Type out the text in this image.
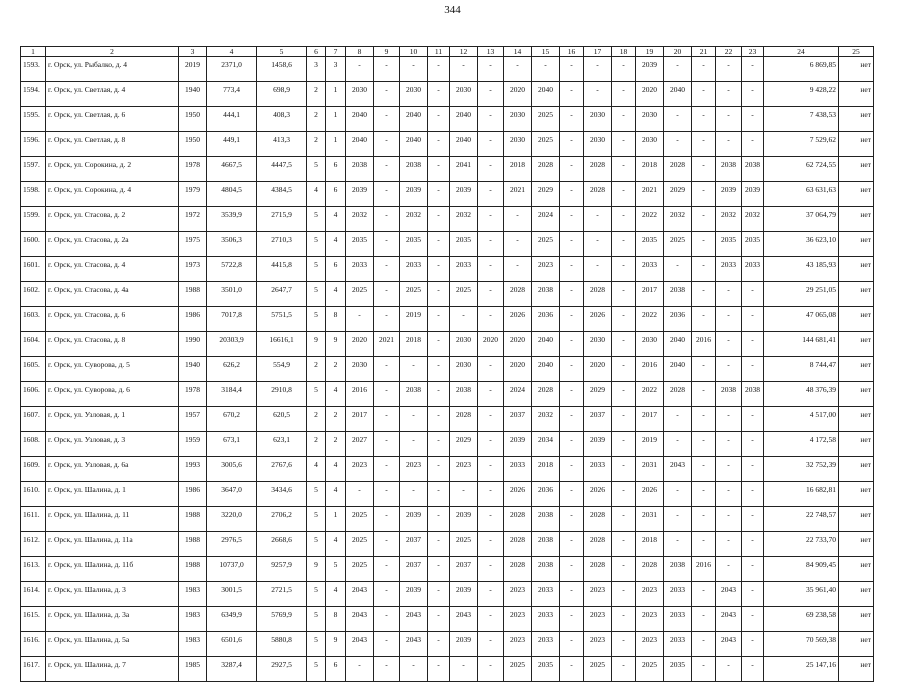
344
1	2	3	4	5	6	7	8	9	10	11	12	13	14	15	16	17	18	19	20	21	22	23	24	25
1593.	г. Орск, ул. Рыбалко, д. 4	2019	2371,0	1458,6	3	3	-	-	-	-	-	-	-	-	-	-	-	2039	-	-	-	-	6 869,85	нет
1594.	г. Орск, ул. Светлая, д. 4	1940	773,4	698,9	2	1	2030	-	2030	-	2030	-	2020	2040	-	-	-	2020	2040	-	-	-	9 428,22	нет
1595.	г. Орск, ул. Светлая, д. 6	1950	444,1	408,3	2	1	2040	-	2040	-	2040	-	2030	2025	-	2030	-	2030	-	-	-	-	7 438,53	нет
1596.	г. Орск, ул. Светлая, д. 8	1950	449,1	413,3	2	1	2040	-	2040	-	2040	-	2030	2025	-	2030	-	2030	-	-	-	-	7 529,62	нет
1597.	г. Орск, ул. Сорокина, д. 2	1978	4667,5	4447,5	5	6	2038	-	2038	-	2041	-	2018	2028	-	2028	-	2018	2028	-	2038	2038	62 724,55	нет
1598.	г. Орск, ул. Сорокина, д. 4	1979	4804,5	4384,5	4	6	2039	-	2039	-	2039	-	2021	2029	-	2028	-	2021	2029	-	2039	2039	63 631,63	нет
1599.	г. Орск, ул. Стасова, д. 2	1972	3539,9	2715,9	5	4	2032	-	2032	-	2032	-	-	2024	-	-	-	2022	2032	-	2032	2032	37 064,79	нет
1600.	г. Орск, ул. Стасова, д. 2а	1975	3506,3	2710,3	5	4	2035	-	2035	-	2035	-	-	2025	-	-	-	2035	2025	-	2035	2035	36 623,10	нет
1601.	г. Орск, ул. Стасова, д. 4	1973	5722,8	4415,8	5	6	2033	-	2033	-	2033	-	-	2023	-	-	-	2033	-	-	2033	2033	43 185,93	нет
1602.	г. Орск, ул. Стасова, д. 4а	1988	3501,0	2647,7	5	4	2025	-	2025	-	2025	-	2028	2038	-	2028	-	2017	2038	-	-	-	29 251,05	нет
1603.	г. Орск, ул. Стасова, д. 6	1986	7017,8	5751,5	5	8	-	-	2019	-	-	-	2026	2036	-	2026	-	2022	2036	-	-	-	47 065,08	нет
1604.	г. Орск, ул. Стасова, д. 8	1990	20303,9	16616,1	9	9	2020	2021	2018	-	2030	2020	2020	2040	-	2030	-	2030	2040	2016	-	-	144 681,41	нет
1605.	г. Орск, ул. Суворова, д. 5	1940	626,2	554,9	2	2	2030	-	-	-	2030	-	2020	2040	-	2020	-	2016	2040	-	-	-	8 744,47	нет
1606.	г. Орск, ул. Суворова, д. 6	1978	3184,4	2910,8	5	4	2016	-	2038	-	2038	-	2024	2028	-	2029	-	2022	2028	-	2038	2038	48 376,39	нет
1607.	г. Орск, ул. Узловая, д. 1	1957	670,2	620,5	2	2	2017	-	-	-	2028	-	2037	2032	-	2037	-	2017	-	-	-	-	4 517,00	нет
1608.	г. Орск, ул. Узловая, д. 3	1959	673,1	623,1	2	2	2027	-	-	-	2029	-	2039	2034	-	2039	-	2019	-	-	-	-	4 172,58	нет
1609.	г. Орск, ул. Узловая, д. 6а	1993	3005,6	2767,6	4	4	2023	-	2023	-	2023	-	2033	2018	-	2033	-	2031	2043	-	-	-	32 752,39	нет
1610.	г. Орск, ул. Шалина, д. 1	1986	3647,0	3434,6	5	4	-	-	-	-	-	-	2026	2036	-	2026	-	2026	-	-	-	-	16 682,81	нет
1611.	г. Орск, ул. Шалина, д. 11	1988	3220,0	2706,2	5	1	2025	-	2039	-	2039	-	2028	2038	-	2028	-	2031	-	-	-	-	22 748,57	нет
1612.	г. Орск, ул. Шалина, д. 11а	1988	2976,5	2668,6	5	4	2025	-	2037	-	2025	-	2028	2038	-	2028	-	2018	-	-	-	-	22 733,70	нет
1613.	г. Орск, ул. Шалина, д. 11б	1988	10737,0	9257,9	9	5	2025	-	2037	-	2037	-	2028	2038	-	2028	-	2028	2038	2016	-	-	84 909,45	нет
1614.	г. Орск, ул. Шалина, д. 3	1983	3001,5	2721,5	5	4	2043	-	2039	-	2039	-	2023	2033	-	2023	-	2023	2033	-	2043	-	35 961,40	нет
1615.	г. Орск, ул. Шалина, д. 3а	1983	6349,9	5769,9	5	8	2043	-	2043	-	2043	-	2023	2033	-	2023	-	2023	2033	-	2043	-	69 238,58	нет
1616.	г. Орск, ул. Шалина, д. 5а	1983	6501,6	5880,8	5	9	2043	-	2043	-	2039	-	2023	2033	-	2023	-	2023	2033	-	2043	-	70 569,38	нет
1617.	г. Орск, ул. Шалина, д. 7	1985	3287,4	2927,5	5	6	-	-	-	-	-	-	2025	2035	-	2025	-	2025	2035	-	-	-	25 147,16	нет
